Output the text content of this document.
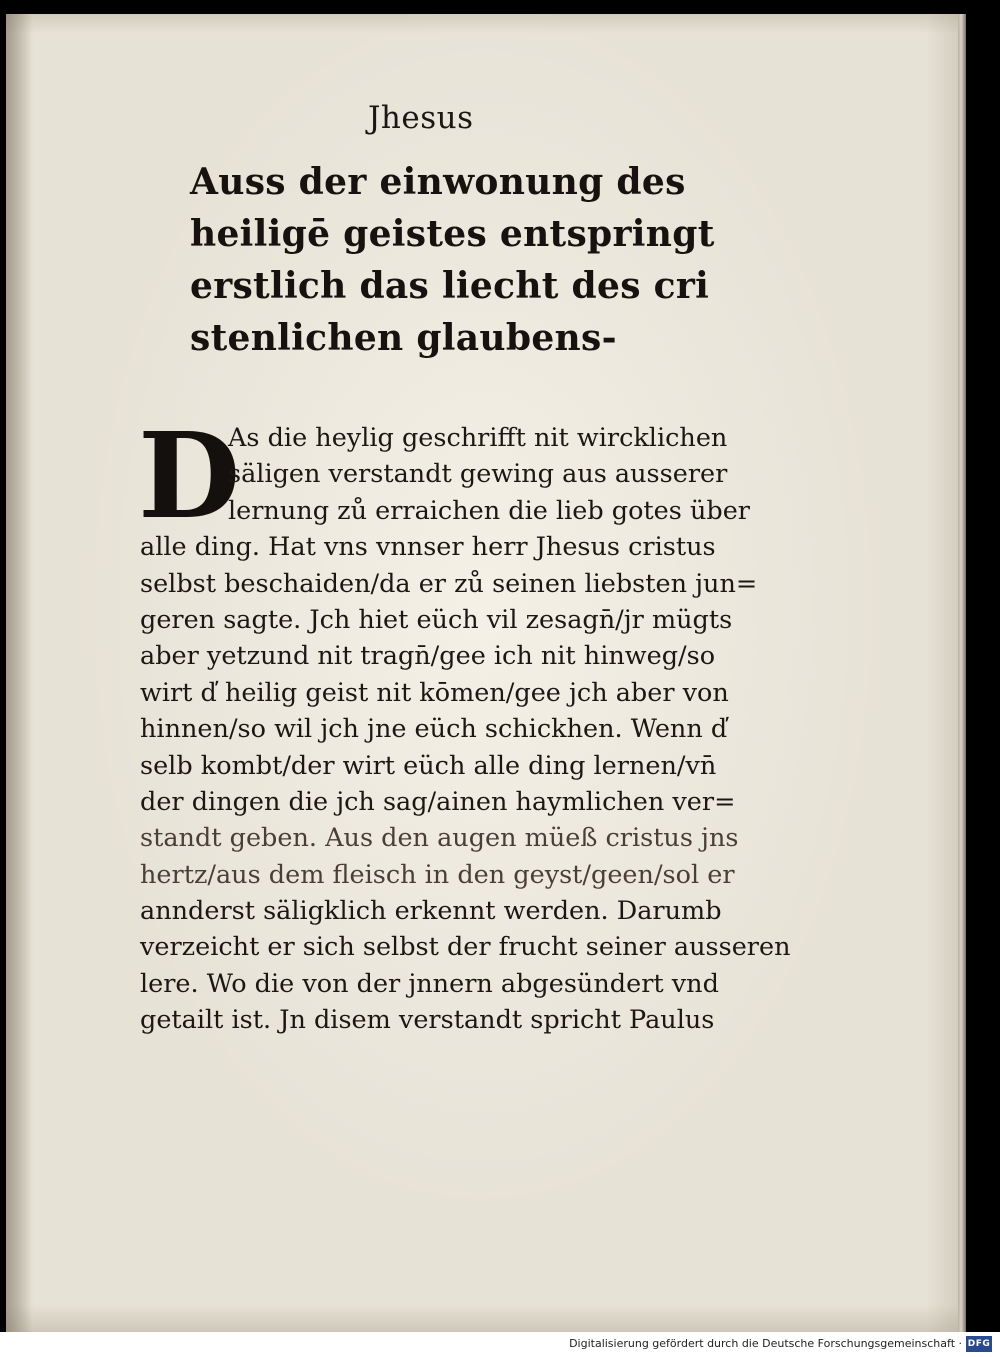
Jhesus
Auss der einwonung des
heiligē geistes entspringt
erstlich das liecht des cri
stenlichen glaubens-
D
As die heylig geschrifft nit wircklichen
säligen verstandt gewing aus ausserer
lernung zů erraichen die lieb gotes über
alle ding. Hat vns vnnser herr Jhesus cristus
selbst beschaiden/da er zů seinen liebsten jun=
geren sagte. Jch hiet eüch vil zesagn̄/jr mügts
aber yetzund nit tragn̄/gee ich nit hinweg/so
wirt d̕ heilig geist nit kōmen/gee jch aber von
hinnen/so wil jch jne eüch schickhen. Wenn d̕
selb kombt/der wirt eüch alle ding lernen/vn̄
der dingen die jch sag/ainen haymlichen ver=
standt geben. Aus den augen müeß cristus jns
hertz/aus dem fleisch in den geyst/geen/sol er
annderst säligklich erkennt werden. Darumb
verzeicht er sich selbst der frucht seiner ausseren
lere. Wo die von der jnnern abgesündert vnd
getailt ist. Jn disem verstandt spricht Paulus
Digitalisierung gefördert durch die Deutsche Forschungsgemeinschaft · DFG
